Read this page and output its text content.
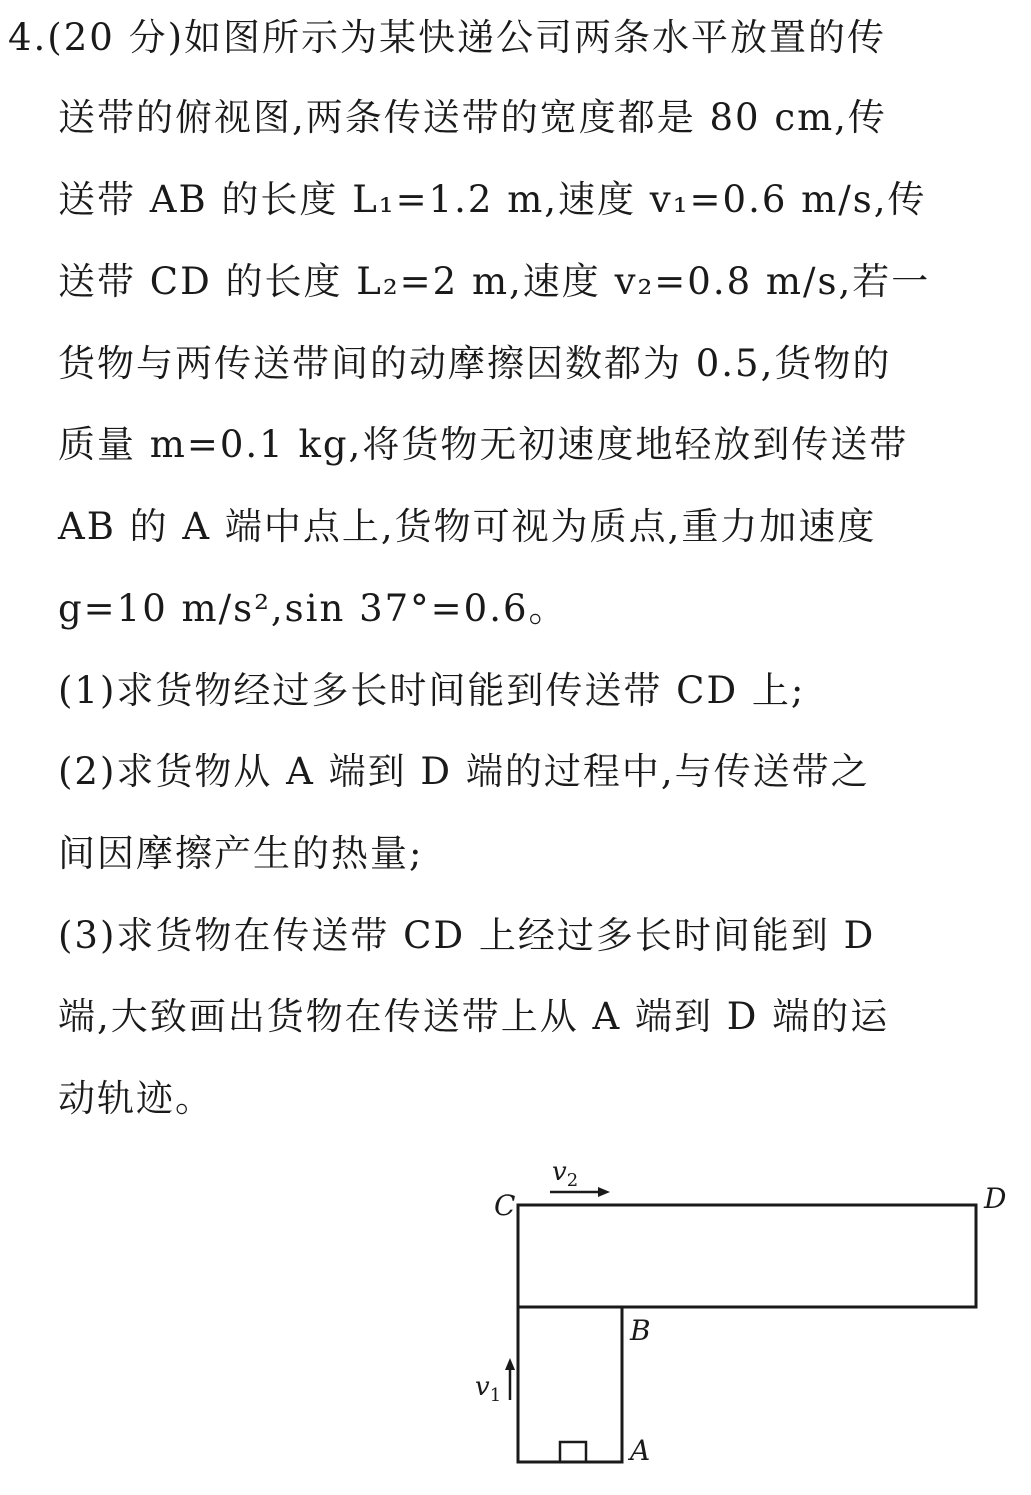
4.(20 分)如图所示为某快递公司两条水平放置的传
送带的俯视图,两条传送带的宽度都是 80 cm,传
送带 AB 的长度 L₁=1.2 m,速度 v₁=0.6 m/s,传
送带 CD 的长度 L₂=2 m,速度 v₂=0.8 m/s,若一
货物与两传送带间的动摩擦因数都为 0.5,货物的
质量 m=0.1 kg,将货物无初速度地轻放到传送带
AB 的 A 端中点上,货物可视为质点,重力加速度
g=10 m/s²,sin 37°=0.6。
(1)求货物经过多长时间能到传送带 CD 上;
(2)求货物从 A 端到 D 端的过程中,与传送带之
间因摩擦产生的热量;
(3)求货物在传送带 CD 上经过多长时间能到 D
端,大致画出货物在传送带上从 A 端到 D 端的运
动轨迹。
$v_2$
$v_1$
C	D
B
A
